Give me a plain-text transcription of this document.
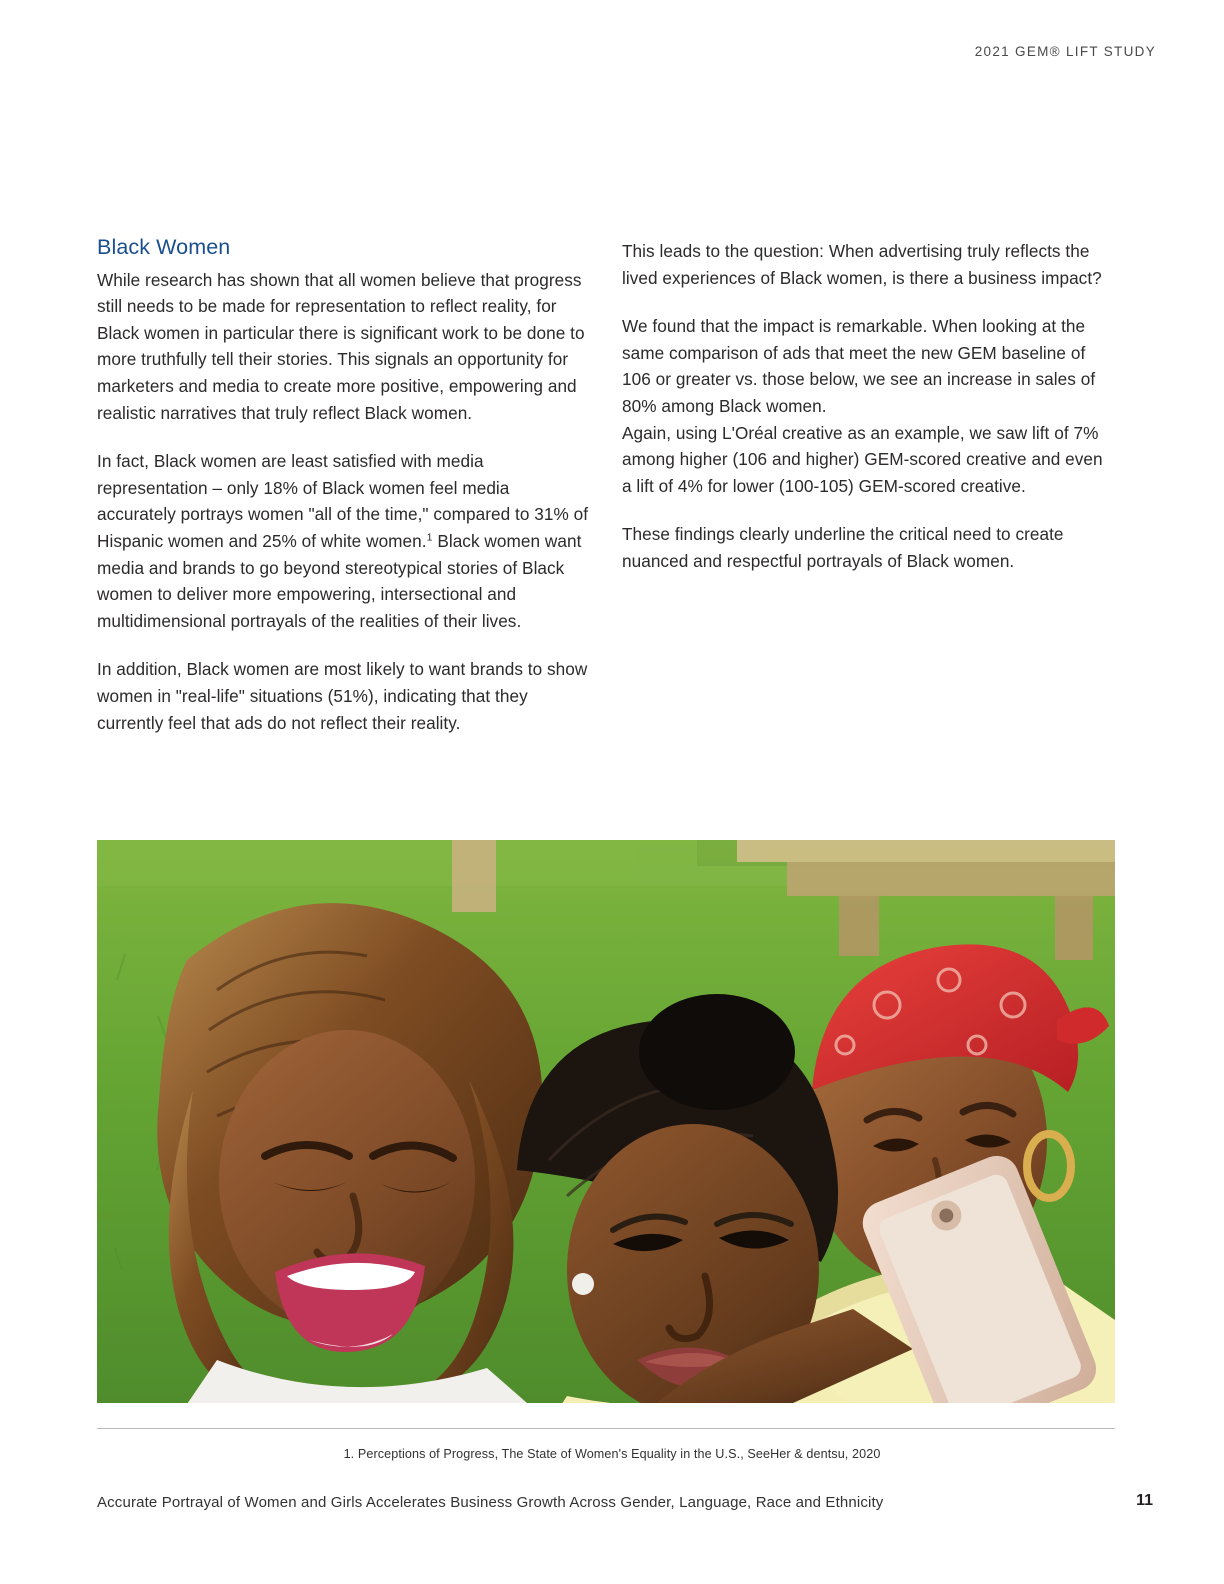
2021 GEM® LIFT STUDY
Black Women

While research has shown that all women believe that progress still needs to be made for representation to reflect reality, for Black women in particular there is significant work to be done to more truthfully tell their stories. This signals an opportunity for marketers and media to create more positive, empowering and realistic narratives that truly reflect Black women.

In fact, Black women are least satisfied with media representation – only 18% of Black women feel media accurately portrays women "all of the time," compared to 31% of Hispanic women and 25% of white women.$^1$ Black women want media and brands to go beyond stereotypical stories of Black women to deliver more empowering, intersectional and multidimensional portrayals of the realities of their lives.

In addition, Black women are most likely to want brands to show women in "real-life" situations (51%), indicating that they currently feel that ads do not reflect their reality.

This leads to the question: When advertising truly reflects the lived experiences of Black women, is there a business impact?

We found that the impact is remarkable. When looking at the same comparison of ads that meet the new GEM baseline of 106 or greater vs. those below, we see an increase in sales of 80% among Black women.
Again, using L'Oréal creative as an example, we saw lift of 7% among higher (106 and higher) GEM-scored creative and even a lift of 4% for lower (100-105) GEM-scored creative.

These findings clearly underline the critical need to create nuanced and respectful portrayals of Black women.

1. Perceptions of Progress, The State of Women's Equality in the U.S., SeeHer & dentsu, 2020
Accurate Portrayal of Women and Girls Accelerates Business Growth Across Gender, Language, Race and Ethnicity	11
